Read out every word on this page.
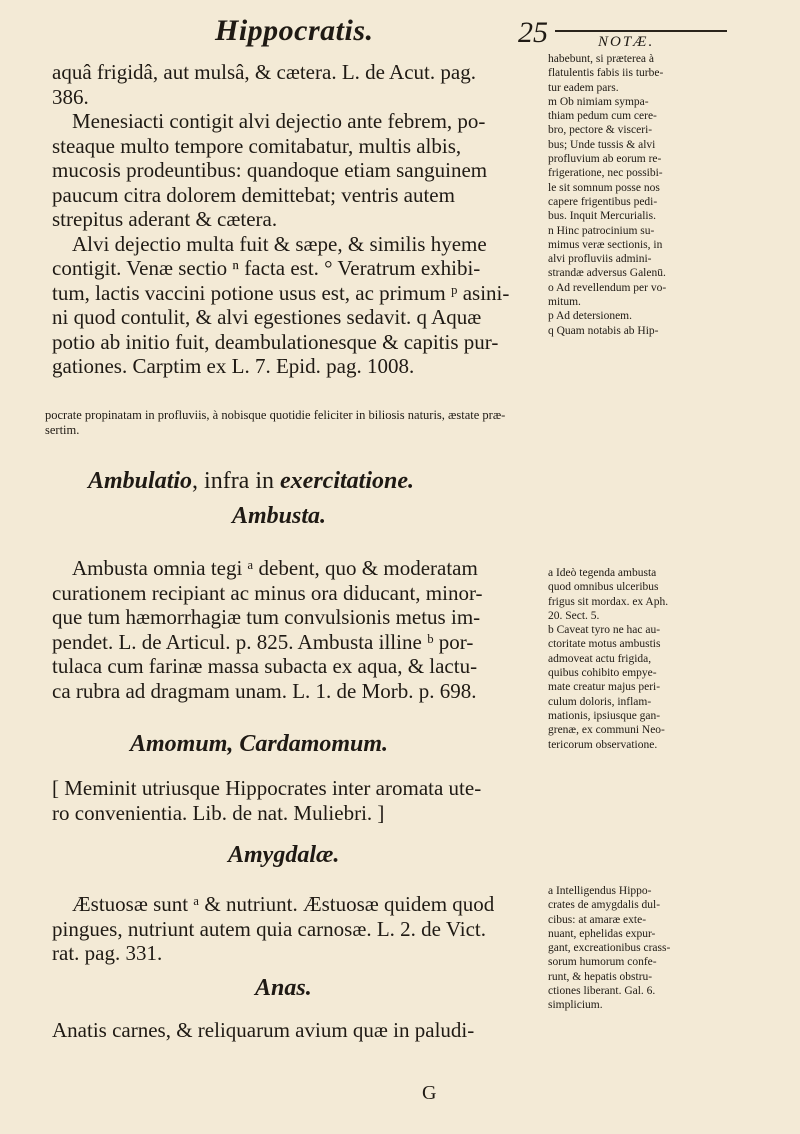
Hippocratis.	25	NOTÆ.

aquâ frigidâ, aut mulsâ, & cætera. L. de Acut. pag.

386.

Menesiacti contigit alvi dejectio ante febrem, po-

steaque multo tempore comitabatur, multis albis,

mucosis prodeuntibus: quandoque etiam sanguinem

paucum citra dolorem demittebat; ventris autem

strepitus aderant & cætera.

Alvi dejectio multa fuit & sæpe, & similis hyeme

contigit. Venæ sectio ⁿ facta est. ° Veratrum exhibi-

tum, lactis vaccini potione usus est, ac primum ᵖ asini-

ni quod contulit, & alvi egestiones sedavit. q Aquæ

potio ab initio fuit, deambulationesque & capitis pur-

gationes. Carptim ex L. 7. Epid. pag. 1008.

habebunt, si præterea à

flatulentis fabis iis turbe-

tur eadem pars.

m Ob nimiam sympa-

thiam pedum cum cere-

bro, pectore & visceri-

bus; Unde tussis & alvi

profluvium ab eorum re-

frigeratione, nec possibi-

le sit somnum posse nos

capere frigentibus pedi-

bus. Inquit Mercurialis.

n Hinc patrocinium su-

mimus veræ sectionis, in

alvi profluviis admini-

strandæ adversus Galenū.

o Ad revellendum per vo-

mitum.

p Ad detersionem.

q Quam notabis ab Hip-

pocrate propinatam in profluviis, à nobisque quotidie feliciter in biliosis naturis, æstate præ-

sertim.

Ambulatio, infra in exercitatione.
Ambusta.

Ambusta omnia tegi ᵃ debent, quo & moderatam

curationem recipiant ac minus ora diducant, minor-

que tum hæmorrhagiæ tum convulsionis metus im-

pendet. L. de Articul. p. 825. Ambusta illine ᵇ por-

tulaca cum farinæ massa subacta ex aqua, & lactu-

ca rubra ad dragmam unam. L. 1. de Morb. p. 698.

Amomum, Cardamomum.

[ Meminit utriusque Hippocrates inter aromata ute-

ro convenientia. Lib. de nat. Muliebri. ]

a Ideò tegenda ambusta

quod omnibus ulceribus

frigus sit mordax. ex Aph.

20. Sect. 5.

b Caveat tyro ne hac au-

ctoritate motus ambustis

admoveat actu frigida,

quibus cohibito empye-

mate creatur majus peri-

culum doloris, inflam-

mationis, ipsiusque gan-

grenæ, ex communi Neo-

tericorum observatione.

Amygdalæ.

Æstuosæ sunt ᵃ & nutriunt. Æstuosæ quidem quod

pingues, nutriunt autem quia carnosæ. L. 2. de Vict.

rat. pag. 331.

a Intelligendus Hippo-

crates de amygdalis dul-

cibus: at amaræ exte-

nuant, ephelidas expur-

gant, excreationibus crass-

sorum humorum confe-

runt, & hepatis obstru-

ctiones liberant. Gal. 6.

simplicium.

Anas.

Anatis carnes, & reliquarum avium quæ in paludi-

G
